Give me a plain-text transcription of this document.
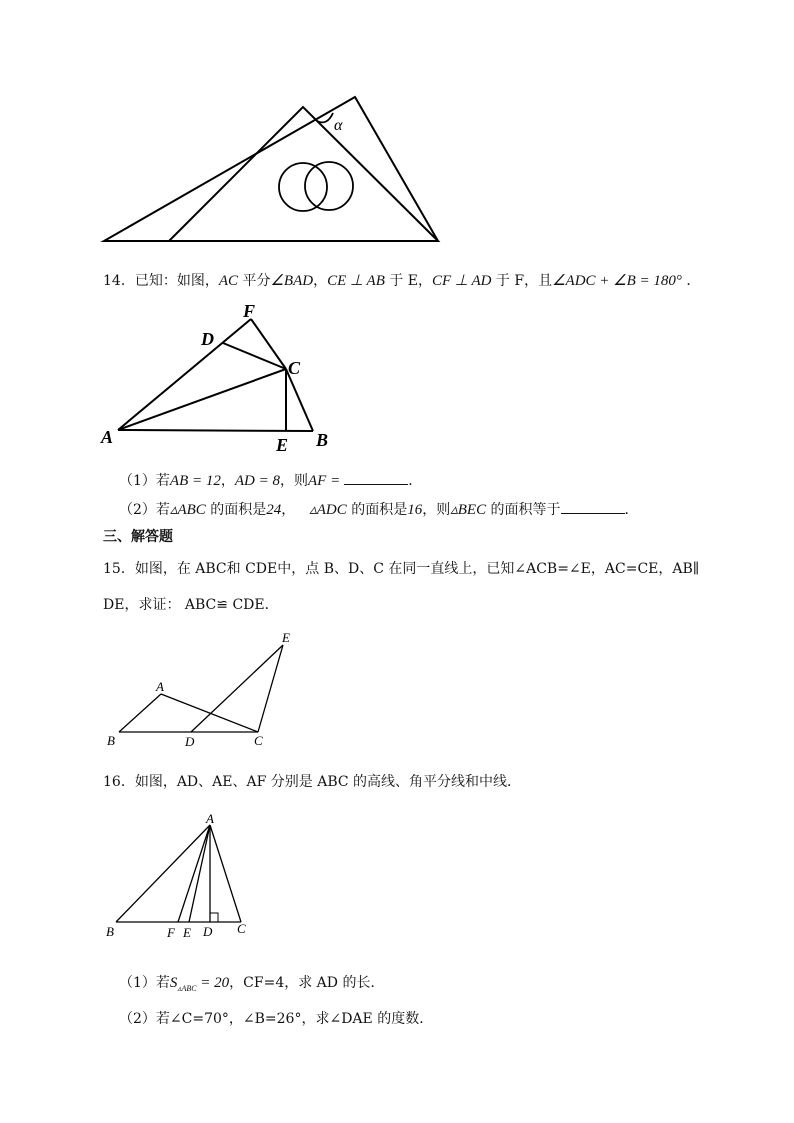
α
14．已知：如图，AC 平分∠BAD，CE ⊥ AB 于 E，CF ⊥ AD 于 F，且∠ADC + ∠B = 180° ．
A	B
C
D
E
F
（1）若AB = 12，AD = 8，则AF =	．
（2）若▵ABC 的面积是24， ▵ADC 的面积是16，则▵BEC 的面积等于	．
三、解答题
15．如图，在 ABC和 CDE中，点 B、D、C 在同一直线上，已知∠ACB=∠E，AC=CE，AB∥
DE，求证： ABC≌ CDE．
A
B	D	C
E
16．如图，AD、AE、AF 分别是 ABC 的高线、角平分线和中线．
A
B	F E D C
（1）若$S_{▵ABC} = 20$，CF=4，求 AD 的长．
（2）若∠C=70°，∠B=26°，求∠DAE 的度数．
